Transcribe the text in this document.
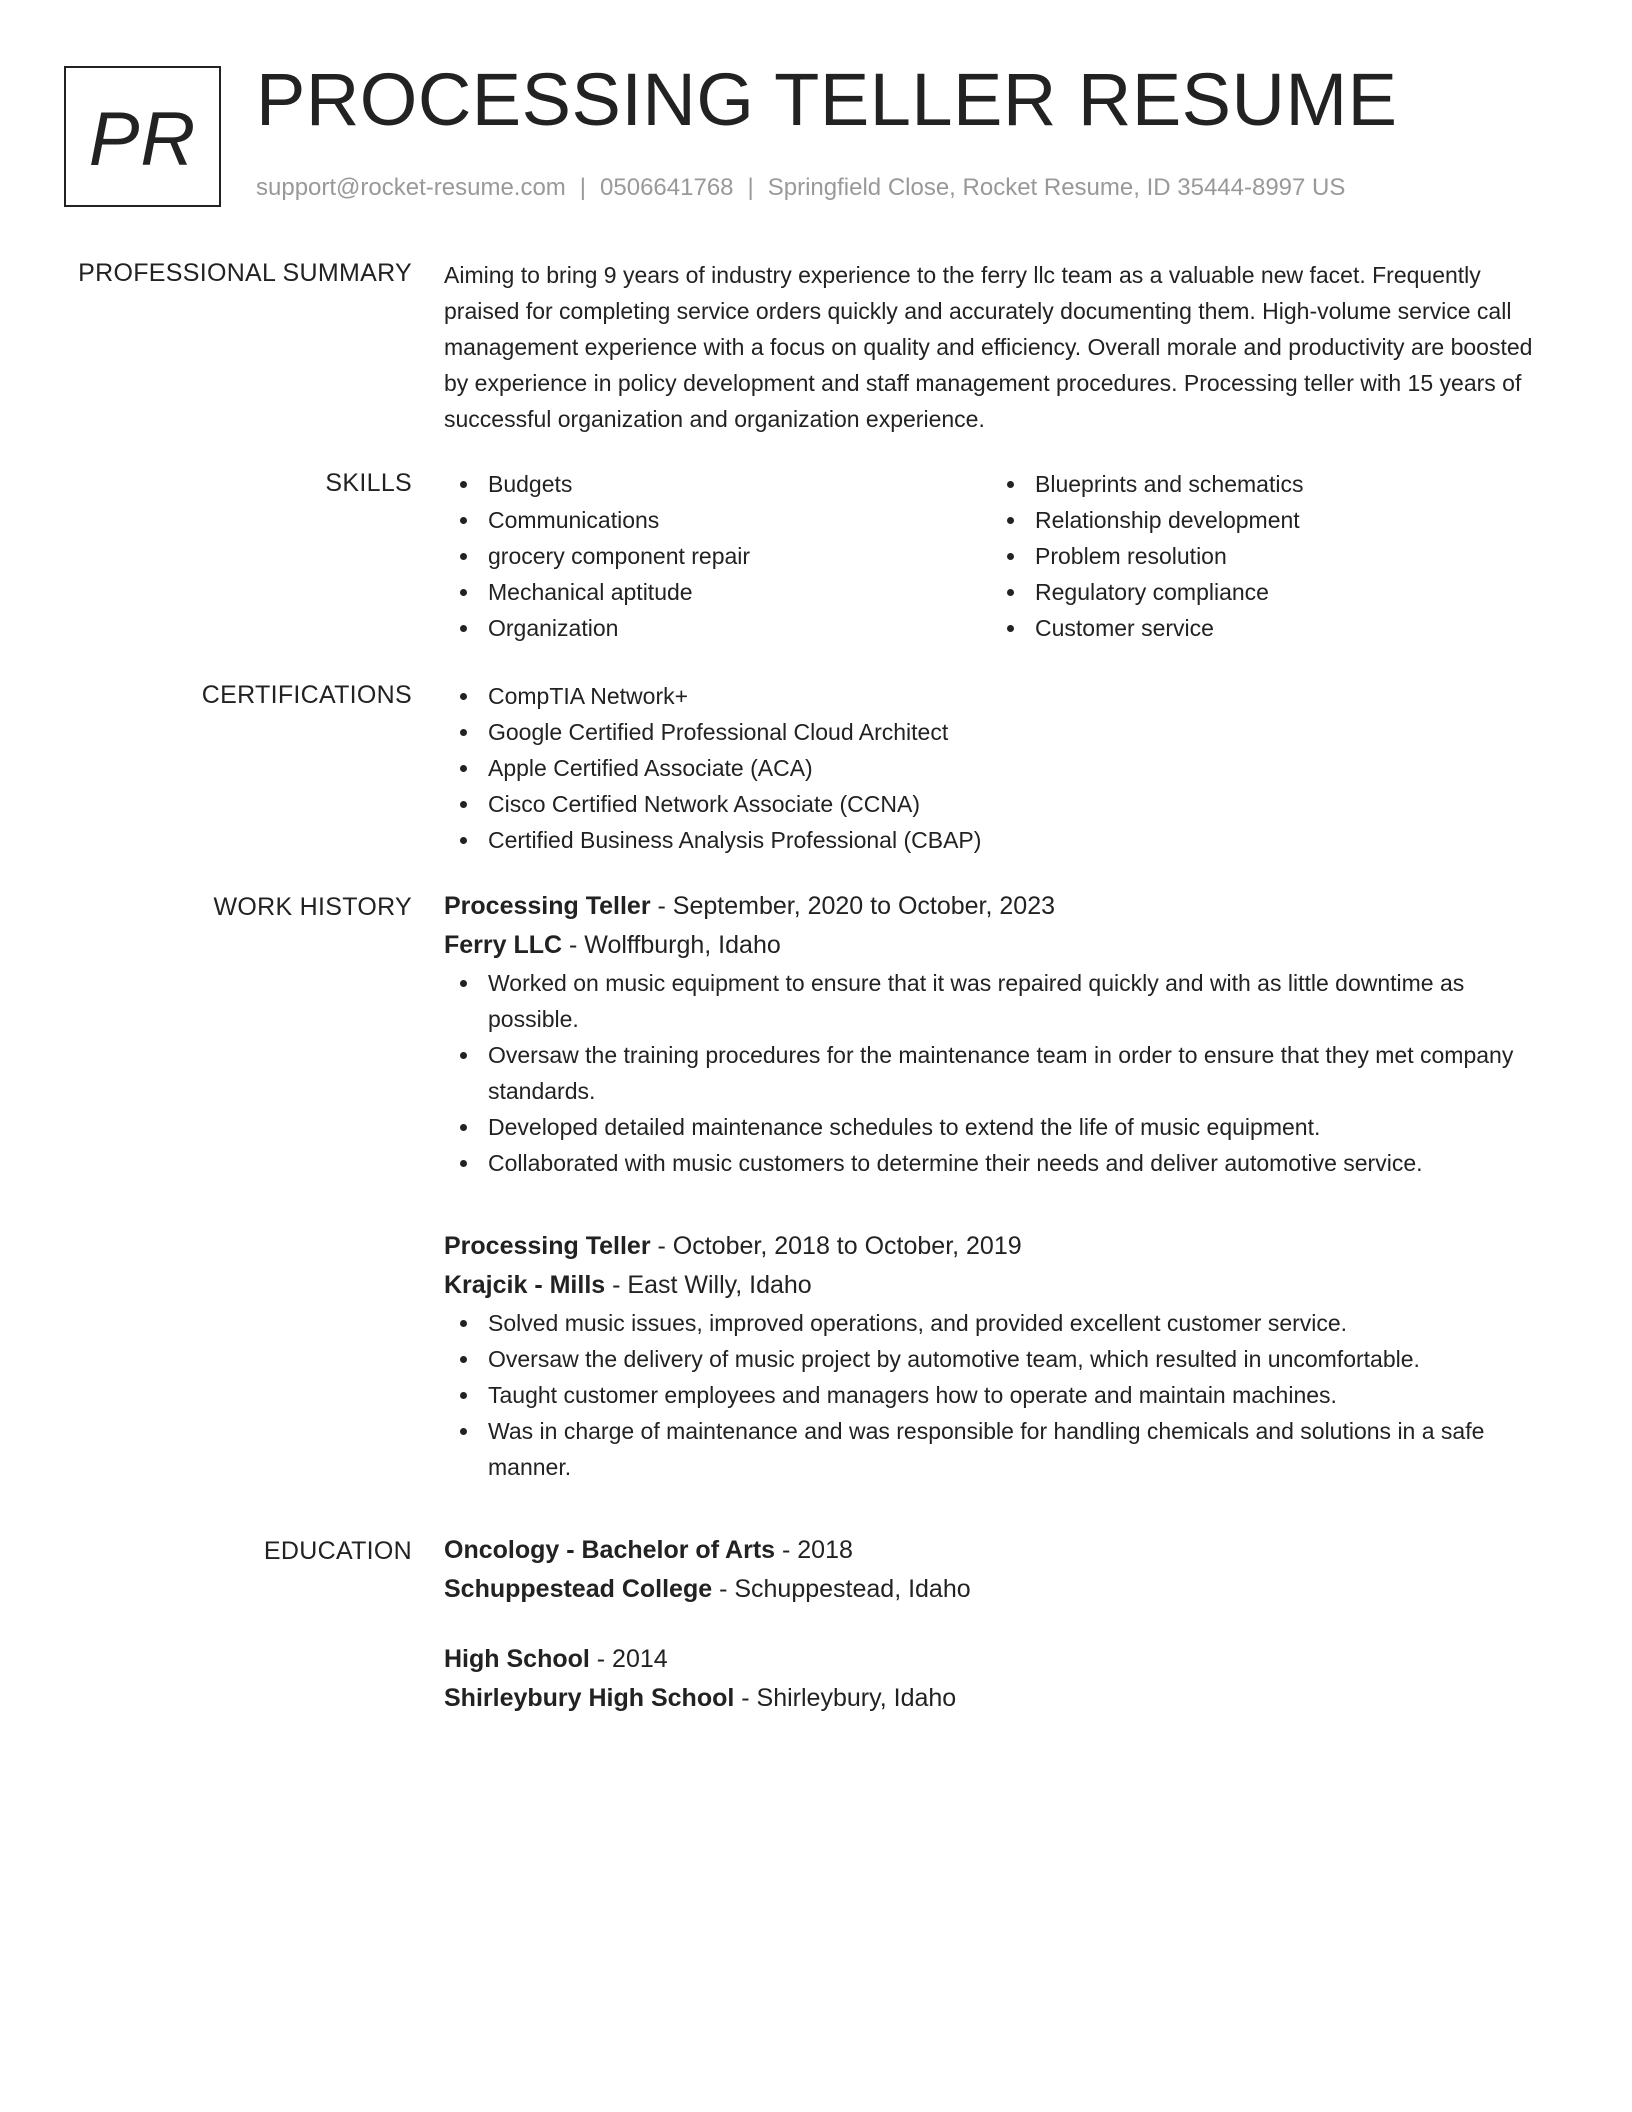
PR PROCESSING TELLER RESUME
support@rocket-resume.com | 0506641768 | Springfield Close, Rocket Resume, ID 35444-8997 US
PROFESSIONAL SUMMARY Aiming to bring 9 years of industry experience to the ferry llc team as a valuable new facet. Frequently praised for completing service orders quickly and accurately documenting them. High-volume service call management experience with a focus on quality and efficiency. Overall morale and productivity are boosted by experience in policy development and staff management procedures. Processing teller with 15 years of successful organization and organization experience.
SKILLS	Budgets
Communications
grocery component repair
Mechanical aptitude
Organization
Blueprints and schematics
Relationship development
Problem resolution
Regulatory compliance
Customer service
CERTIFICATIONS	CompTIA Network+
Google Certified Professional Cloud Architect
Apple Certified Associate (ACA)
Cisco Certified Network Associate (CCNA)
Certified Business Analysis Professional (CBAP)
WORK HISTORY Processing Teller - September, 2020 to October, 2023
Ferry LLC - Wolffburgh, Idaho
Worked on music equipment to ensure that it was repaired quickly and with as little downtime as possible.
Oversaw the training procedures for the maintenance team in order to ensure that they met company standards.
Developed detailed maintenance schedules to extend the life of music equipment.
Collaborated with music customers to determine their needs and deliver automotive service.
Processing Teller - October, 2018 to October, 2019
Krajcik - Mills - East Willy, Idaho
Solved music issues, improved operations, and provided excellent customer service.
Oversaw the delivery of music project by automotive team, which resulted in uncomfortable.
Taught customer employees and managers how to operate and maintain machines.
Was in charge of maintenance and was responsible for handling chemicals and solutions in a safe manner.
EDUCATION Oncology - Bachelor of Arts - 2018
Schuppestead College - Schuppestead, Idaho
High School - 2014
Shirleybury High School - Shirleybury, Idaho
